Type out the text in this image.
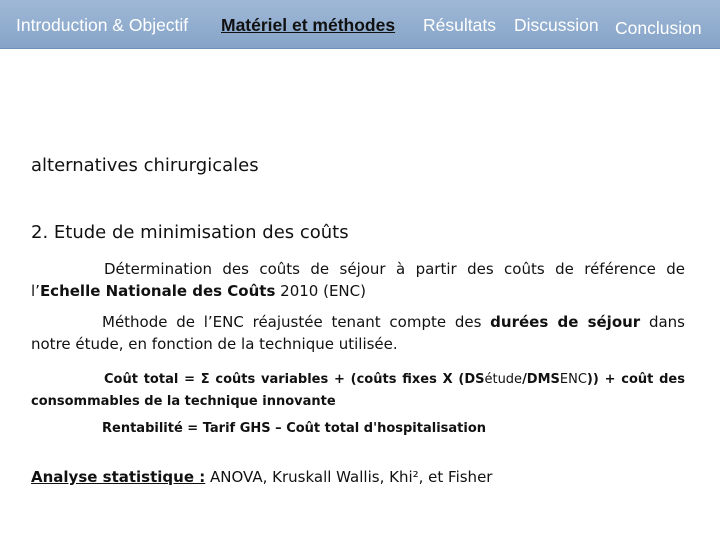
Introduction & Objectif Matériel et méthodes Résultats Discussion Conclusion
alternatives chirurgicales
2. Etude de minimisation des coûts
Détermination des coûts de séjour à partir des coûts de référence de l’Echelle Nationale des Coûts 2010 (ENC)
Méthode de l’ENC réajustée tenant compte des durées de séjour dans notre étude, en fonction de la technique utilisée.
Coût total = Σ coûts variables + (coûts fixes X (DSétude/DMSENC)) + coût des consommables de la technique innovante
Rentabilité = Tarif GHS – Coût total d'hospitalisation
Analyse statistique : ANOVA, Kruskall Wallis, Khi², et Fisher
